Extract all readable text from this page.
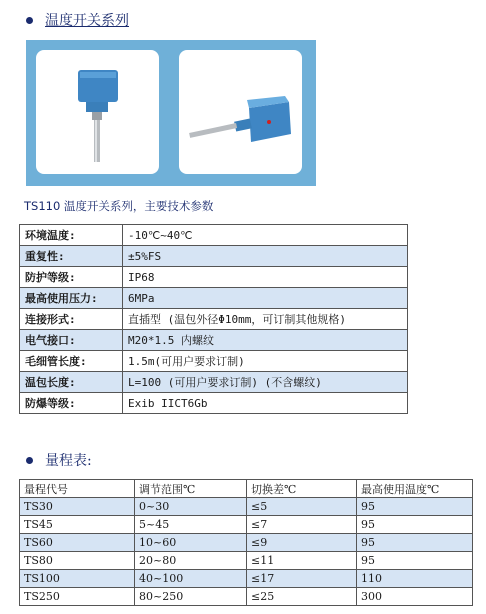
温度开关系列
TS110 温度开关系列，主要技术参数
环境温度:	-10℃~40℃
重复性:	±5%FS
防护等级:	IP68
最高使用压力:	6MPa
连接形式:	直插型 (温包外径Φ10mm，可订制其他规格)
电气接口:	M20*1.5 内螺纹
毛细管长度:	1.5m(可用户要求订制)
温包长度:	L=100 (可用户要求订制) (不含螺纹)
防爆等级:	Exib IICT6Gb
量程表:
量程代号	调节范围℃	切换差℃	最高使用温度℃
TS30	0~30	≤5	95
TS45	5~45	≤7	95
TS60	10~60	≤9	95
TS80	20~80	≤11	95
TS100	40~100	≤17	110
TS250	80~250	≤25	300
